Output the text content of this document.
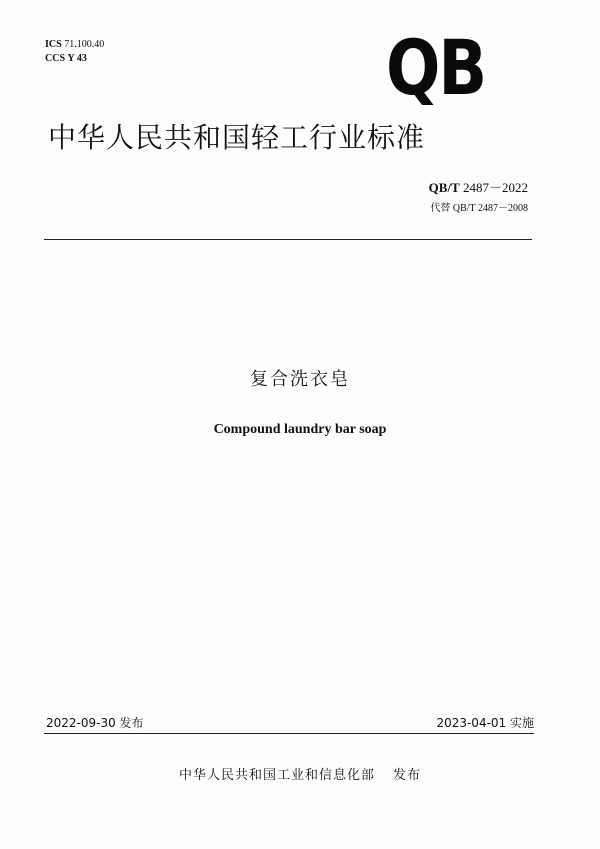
ICS 71.100.40
CCS Y 43	QB
中华人民共和国轻工行业标准
QB/T 2487－2022
代替 QB/T 2487－2008
复合洗衣皂
Compound laundry bar soap
2022-09-30 发布	2023-04-01 实施
中华人民共和国工业和信息化部 发布
